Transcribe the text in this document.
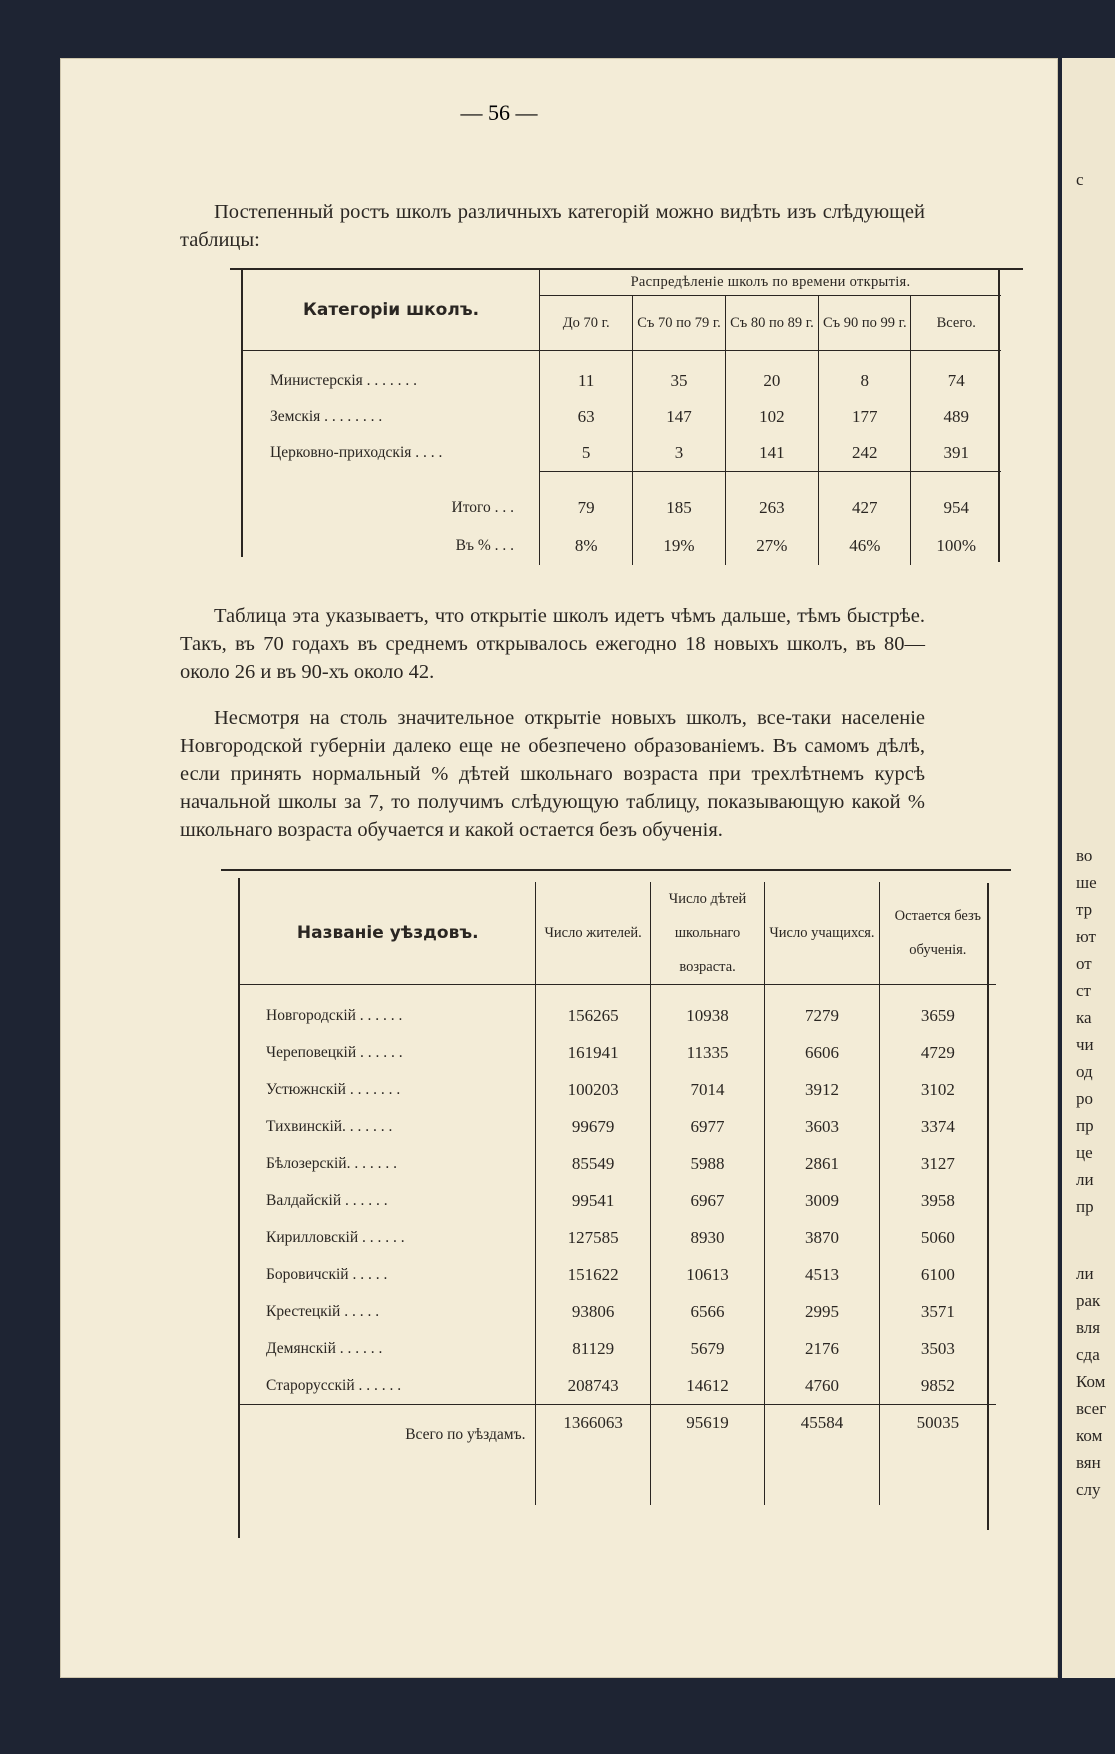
с
во
ше
тр
ют
от
ст
ка
чи
од
ро
пр
це
ли
пр
ли
рак
вля
сда
Ком
всег
ком
вян
слу
— 56 —
Постепенный ростъ школъ различныхъ категорій можно видѣть изъ слѣдующей таблицы:
Категоріи школъ.	Распредѣленіе школъ по времени открытія.				
	До 70 г.	Съ 70 по 79 г.	Съ 80 по 89 г.	Съ 90 по 99 г.	Всего.

Министерскія . . . . . . .	11	35	20	8	74
Земскія . . . . . . . .	63	147	102	177	489
Церковно-приходскія . . . .	5	3	141	242	391

Итого . . .	79	185	263	427	954
Въ % . . .	8%	19%	27%	46%	100%
Таблица эта указываетъ, что открытіе школъ идетъ чѣмъ дальше, тѣмъ быстрѣе. Такъ, въ 70 годахъ въ среднемъ открывалось ежегодно 18 новыхъ школъ, въ 80—около 26 и въ 90-хъ около 42.
Несмотря на столь значительное открытіе новыхъ школъ, все-таки населеніе Новгородской губерніи далеко еще не обезпечено образованіемъ. Въ самомъ дѣлѣ, если принять нормальный % дѣтей школьнаго возраста при трехлѣтнемъ курсѣ начальной школы за 7, то получимъ слѣдующую таблицу, показывающую какой % школьнаго возраста обучается и какой остается безъ обученія.
Названіе уѣздовъ.	Число жителей.	Число дѣтей школьнаго возраста.	Число учащихся.	Остается безъ обученія.

Новгородскій . . . . . .	156265	10938	7279	3659
Череповецкій . . . . . .	161941	11335	6606	4729
Устюжнскій . . . . . . .	100203	7014	3912	3102
Тихвинскій. . . . . . .	99679	6977	3603	3374
Бѣлозерскій. . . . . . .	85549	5988	2861	3127
Валдайскій . . . . . .	99541	6967	3009	3958
Кирилловскій . . . . . .	127585	8930	3870	5060
Боровичскій . . . . .	151622	10613	4513	6100
Крестецкій . . . . .	93806	6566	2995	3571
Демянскій . . . . . .	81129	5679	2176	3503
Старорусскій . . . . . .	208743	14612	4760	9852
Всего по уѣздамъ.	1366063	95619	45584	50035
